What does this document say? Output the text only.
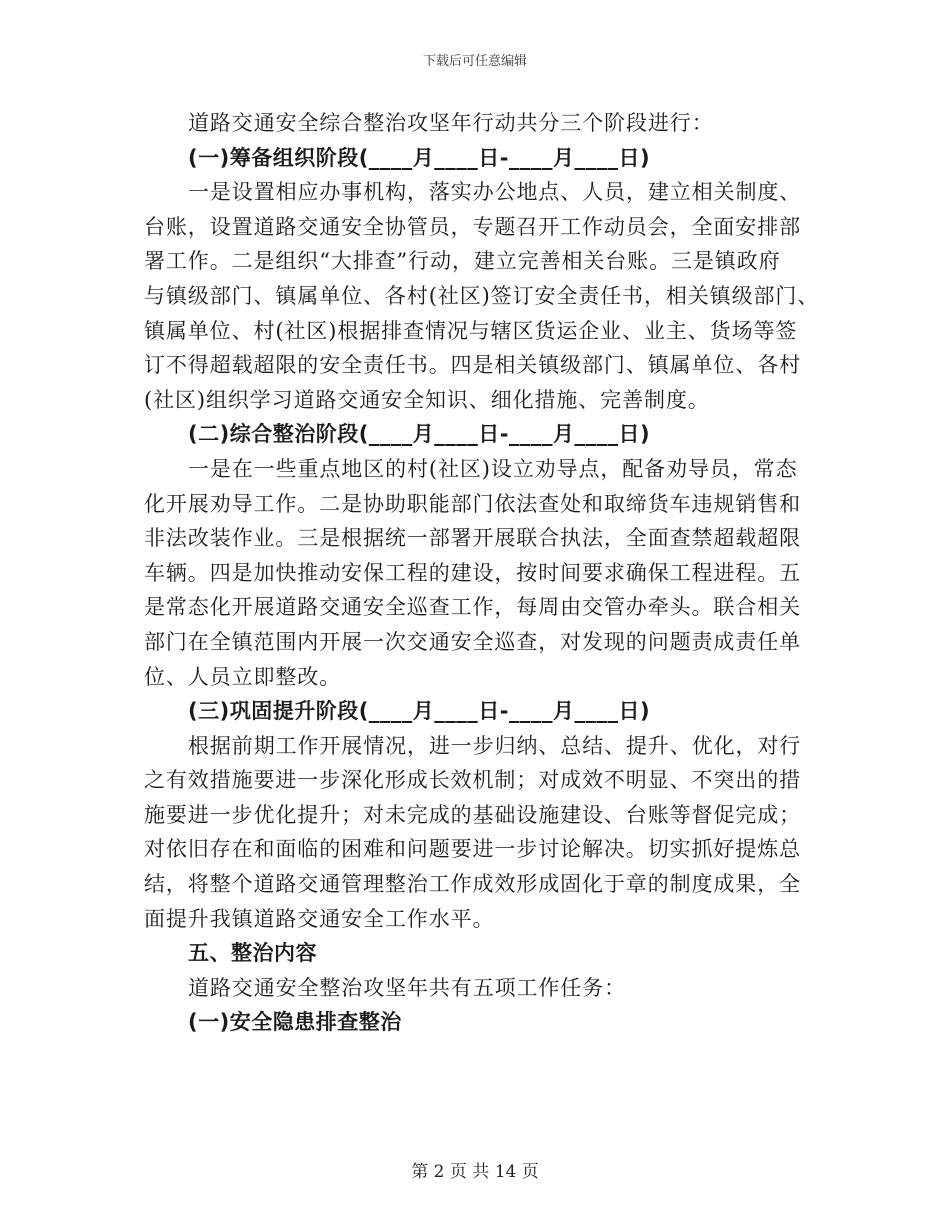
下载后可任意编辑
道路交通安全综合整治攻坚年行动共分三个阶段进行：
(一)筹备组织阶段(____月____日-____月____日)
一是设置相应办事机构，落实办公地点、人员，建立相关制度、
台账，设置道路交通安全协管员，专题召开工作动员会，全面安排部
署工作。二是组织“大排查”行动，建立完善相关台账。三是镇政府
与镇级部门、镇属单位、各村(社区)签订安全责任书，相关镇级部门、
镇属单位、村(社区)根据排查情况与辖区货运企业、业主、货场等签
订不得超载超限的安全责任书。四是相关镇级部门、镇属单位、各村
(社区)组织学习道路交通安全知识、细化措施、完善制度。
(二)综合整治阶段(____月____日-____月____日)
一是在一些重点地区的村(社区)设立劝导点，配备劝导员，常态
化开展劝导工作。二是协助职能部门依法查处和取缔货车违规销售和
非法改装作业。三是根据统一部署开展联合执法，全面查禁超载超限
车辆。四是加快推动安保工程的建设，按时间要求确保工程进程。五
是常态化开展道路交通安全巡查工作，每周由交管办牵头。联合相关
部门在全镇范围内开展一次交通安全巡查，对发现的问题责成责任单
位、人员立即整改。
(三)巩固提升阶段(____月____日-____月____日)
根据前期工作开展情况，进一步归纳、总结、提升、优化，对行
之有效措施要进一步深化形成长效机制；对成效不明显、不突出的措
施要进一步优化提升；对未完成的基础设施建设、台账等督促完成；
对依旧存在和面临的困难和问题要进一步讨论解决。切实抓好提炼总
结，将整个道路交通管理整治工作成效形成固化于章的制度成果，全
面提升我镇道路交通安全工作水平。
五、整治内容
道路交通安全整治攻坚年共有五项工作任务：
(一)安全隐患排查整治
第 2 页 共 14 页
